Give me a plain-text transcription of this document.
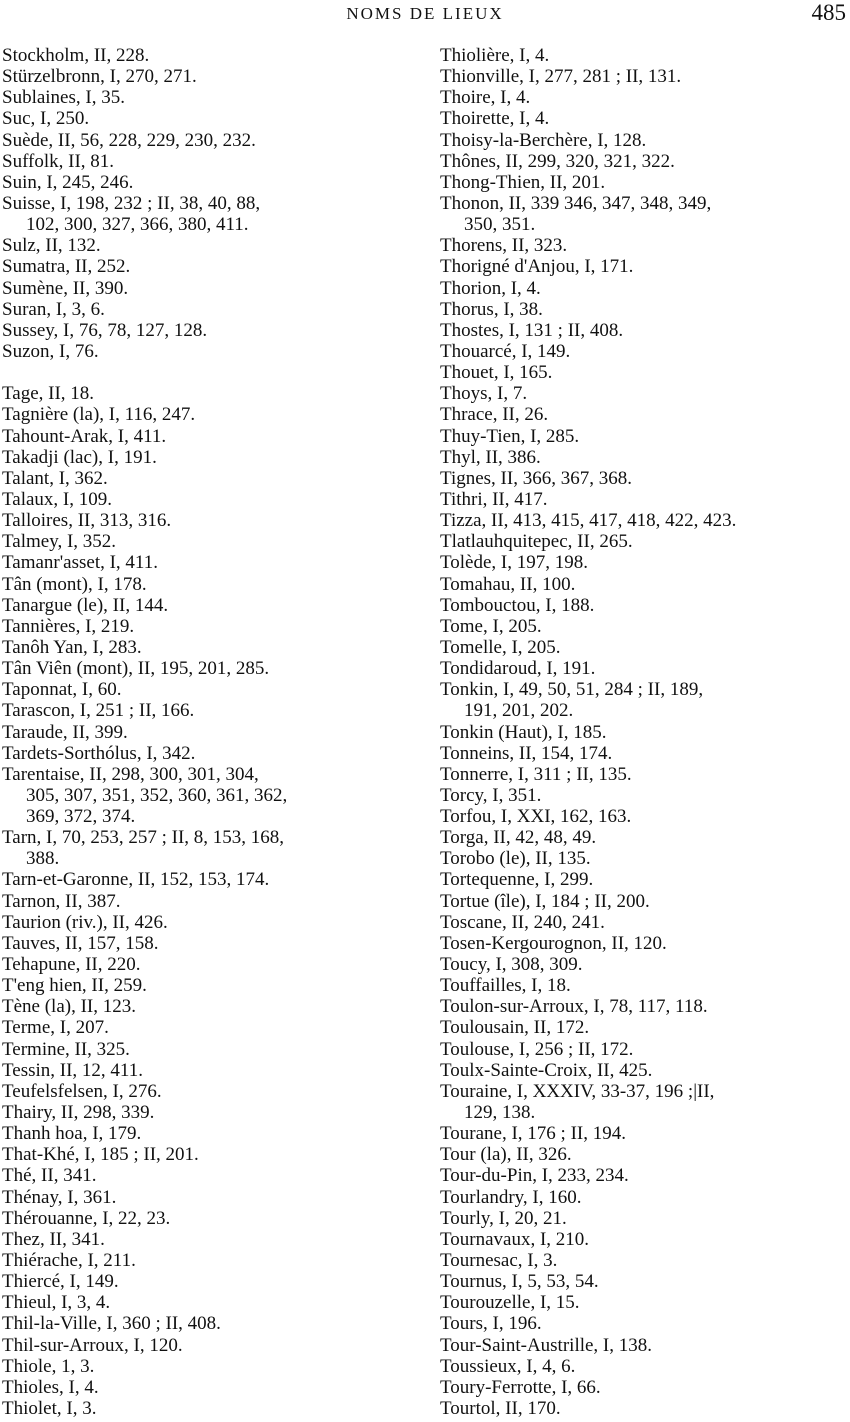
NOMS DE LIEUX	485
Stockholm, II, 228.
Stürzelbronn, I, 270, 271.
Sublaines, I, 35.
Suc, I, 250.
Suède, II, 56, 228, 229, 230, 232.
Suffolk, II, 81.
Suin, I, 245, 246.
Suisse, I, 198, 232 ; II, 38, 40, 88,
102, 300, 327, 366, 380, 411.
Sulz, II, 132.
Sumatra, II, 252.
Sumène, II, 390.
Suran, I, 3, 6.
Sussey, I, 76, 78, 127, 128.
Suzon, I, 76.
Tage, II, 18.
Tagnière (la), I, 116, 247.
Tahount-Arak, I, 411.
Takadji (lac), I, 191.
Talant, I, 362.
Talaux, I, 109.
Talloires, II, 313, 316.
Talmey, I, 352.
Tamanr'asset, I, 411.
Tân (mont), I, 178.
Tanargue (le), II, 144.
Tannières, I, 219.
Tanôh Yan, I, 283.
Tân Viên (mont), II, 195, 201, 285.
Taponnat, I, 60.
Tarascon, I, 251 ; II, 166.
Taraude, II, 399.
Tardets-Sorthólus, I, 342.
Tarentaise, II, 298, 300, 301, 304,
305, 307, 351, 352, 360, 361, 362,
369, 372, 374.
Tarn, I, 70, 253, 257 ; II, 8, 153, 168,
388.
Tarn-et-Garonne, II, 152, 153, 174.
Tarnon, II, 387.
Taurion (riv.), II, 426.
Tauves, II, 157, 158.
Tehapune, II, 220.
T'eng hien, II, 259.
Tène (la), II, 123.
Terme, I, 207.
Termine, II, 325.
Tessin, II, 12, 411.
Teufelsfelsen, I, 276.
Thairy, II, 298, 339.
Thanh hoa, I, 179.
That-Khé, I, 185 ; II, 201.
Thé, II, 341.
Thénay, I, 361.
Thérouanne, I, 22, 23.
Thez, II, 341.
Thiérache, I, 211.
Thiercé, I, 149.
Thieul, I, 3, 4.
Thil-la-Ville, I, 360 ; II, 408.
Thil-sur-Arroux, I, 120.
Thiole, 1, 3.
Thioles, I, 4.
Thiolet, I, 3.
Thiolière, I, 4.
Thionville, I, 277, 281 ; II, 131.
Thoire, I, 4.
Thoirette, I, 4.
Thoisy-la-Berchère, I, 128.
Thônes, II, 299, 320, 321, 322.
Thong-Thien, II, 201.
Thonon, II, 339 346, 347, 348, 349,
350, 351.
Thorens, II, 323.
Thorigné d'Anjou, I, 171.
Thorion, I, 4.
Thorus, I, 38.
Thostes, I, 131 ; II, 408.
Thouarcé, I, 149.
Thouet, I, 165.
Thoys, I, 7.
Thrace, II, 26.
Thuy-Tien, I, 285.
Thyl, II, 386.
Tignes, II, 366, 367, 368.
Tithri, II, 417.
Tizza, II, 413, 415, 417, 418, 422, 423.
Tlatlauhquitepec, II, 265.
Tolède, I, 197, 198.
Tomahau, II, 100.
Tombouctou, I, 188.
Tome, I, 205.
Tomelle, I, 205.
Tondidaroud, I, 191.
Tonkin, I, 49, 50, 51, 284 ; II, 189,
191, 201, 202.
Tonkin (Haut), I, 185.
Tonneins, II, 154, 174.
Tonnerre, I, 311 ; II, 135.
Torcy, I, 351.
Torfou, I, XXI, 162, 163.
Torga, II, 42, 48, 49.
Torobo (le), II, 135.
Tortequenne, I, 299.
Tortue (île), I, 184 ; II, 200.
Toscane, II, 240, 241.
Tosen-Kergourognon, II, 120.
Toucy, I, 308, 309.
Touffailles, I, 18.
Toulon-sur-Arroux, I, 78, 117, 118.
Toulousain, II, 172.
Toulouse, I, 256 ; II, 172.
Toulx-Sainte-Croix, II, 425.
Touraine, I, XXXIV, 33-37, 196 ;|II,
129, 138.
Tourane, I, 176 ; II, 194.
Tour (la), II, 326.
Tour-du-Pin, I, 233, 234.
Tourlandry, I, 160.
Tourly, I, 20, 21.
Tournavaux, I, 210.
Tournesac, I, 3.
Tournus, I, 5, 53, 54.
Tourouzelle, I, 15.
Tours, I, 196.
Tour-Saint-Austrille, I, 138.
Toussieux, I, 4, 6.
Toury-Ferrotte, I, 66.
Tourtol, II, 170.
